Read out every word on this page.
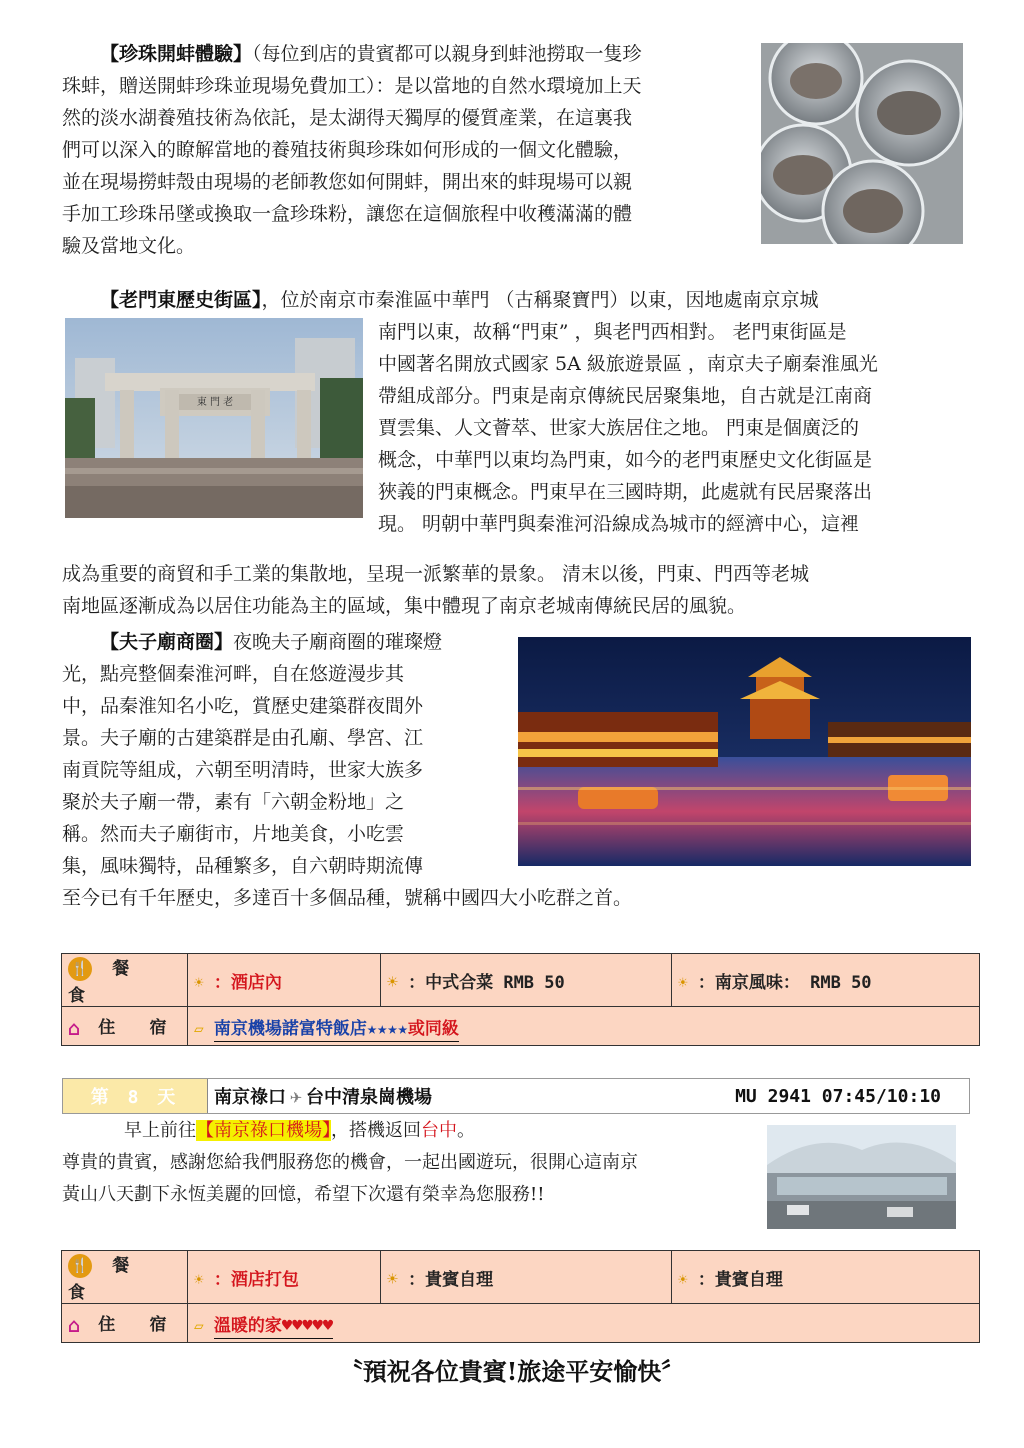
【珍珠開蚌體驗】（每位到店的貴賓都可以親身到蚌池撈取一隻珍

珠蚌，贈送開蚌珍珠並現場免費加工）：是以當地的自然水環境加上天

然的淡水湖養殖技術為依託，是太湖得天獨厚的優質產業，在這裏我

們可以深入的瞭解當地的養殖技術與珍珠如何形成的一個文化體驗，

並在現場撈蚌殼由現場的老師教您如何開蚌，開出來的蚌現場可以親

手加工珍珠吊墜或換取一盒珍珠粉，讓您在這個旅程中收穫滿滿的體

驗及當地文化。

【老門東歷史街區】，位於南京市秦淮區中華門 （古稱聚寶門）以東，因地處南京京城

東 門 老

南門以東，故稱“門東” ，與老門西相對。 老門東街區是

中國著名開放式國家 5A 級旅遊景區 ，南京夫子廟秦淮風光

帶組成部分。門東是南京傳統民居聚集地，自古就是江南商

賈雲集、人文薈萃、世家大族居住之地。 門東是個廣泛的

概念，中華門以東均為門東，如今的老門東歷史文化街區是

狹義的門東概念。門東早在三國時期，此處就有民居聚落出

現。 明朝中華門與秦淮河沿線成為城市的經濟中心，這裡

成為重要的商貿和手工業的集散地，呈現一派繁華的景象。 清末以後，門東、門西等老城

南地區逐漸成為以居住功能為主的區域，集中體現了南京老城南傳統民居的風貌。

【夫子廟商圈】夜晚夫子廟商圈的璀璨燈

光，點亮整個秦淮河畔，自在悠遊漫步其

中，品秦淮知名小吃，賞歷史建築群夜間外

景。夫子廟的古建築群是由孔廟、學宮、江

南貢院等組成，六朝至明清時，世家大族多

聚於夫子廟一帶，素有「六朝金粉地」之

稱。然而夫子廟街市，片地美食，小吃雲

集，風味獨特，品種繁多，自六朝時期流傳

至今已有千年歷史，多達百十多個品種，號稱中國四大小吃群之首。

🍴 餐 食	☀ ：酒店內	☀ ：中式合菜 RMB 50	☀ ：南京風味： RMB 50
⌂ 住 宿	▱ 南京機場諾富特飯店★★★★或同級		
第 8 天	南京祿口 ✈ 台中清泉崗機場	MU 2941 07:45/10:10

早上前往【南京祿口機場】，搭機返回台中。

尊貴的貴賓，感謝您給我們服務您的機會，一起出國遊玩，很開心這南京

黃山八天劃下永恆美麗的回憶，希望下次還有榮幸為您服務!!

🍴 餐 食	☀ ：酒店打包	☀ ：貴賓自理	☀ ：貴賓自理
⌂ 住 宿	▱ 溫暖的家♥♥♥♥♥		
〝預祝各位貴賓!旅途平安愉快〞
